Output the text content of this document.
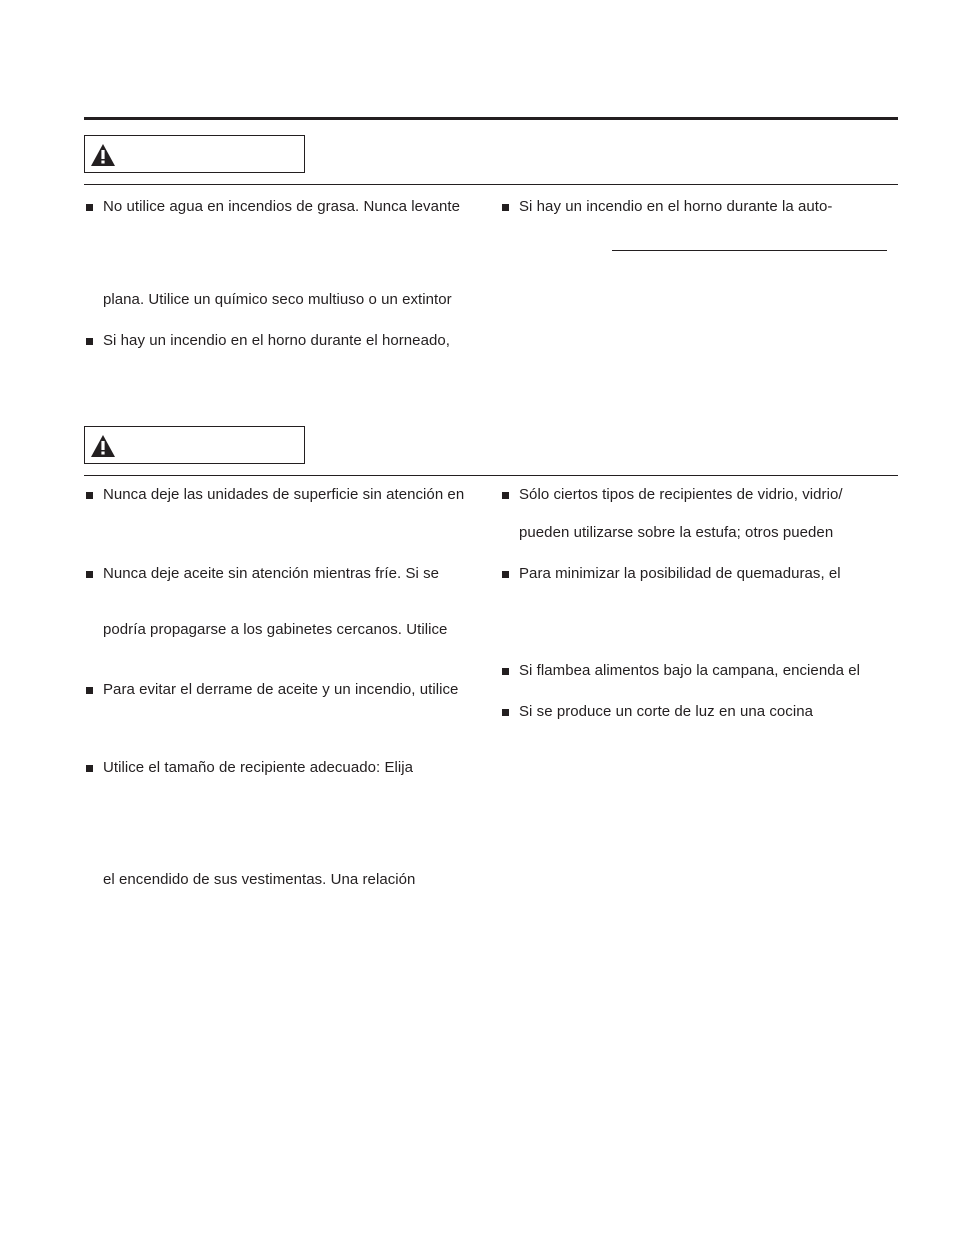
No utilice agua en incendios de grasa. Nunca levante
plana. Utilice un químico seco multiuso o un extintor
Si hay un incendio en el horno durante el horneado,
Si hay un incendio en el horno durante la auto-
Nunca deje las unidades de superficie sin atención en
Nunca deje aceite sin atención mientras fríe. Si se
podría propagarse a los gabinetes cercanos. Utilice
Para evitar el derrame de aceite y un incendio, utilice
Utilice el tamaño de recipiente adecuado: Elija
el encendido de sus vestimentas. Una relación
Sólo ciertos tipos de recipientes de vidrio, vidrio/
pueden utilizarse sobre la estufa; otros pueden
Para minimizar la posibilidad de quemaduras, el
Si flambea alimentos bajo la campana, encienda el
Si se produce un corte de luz en una cocina
